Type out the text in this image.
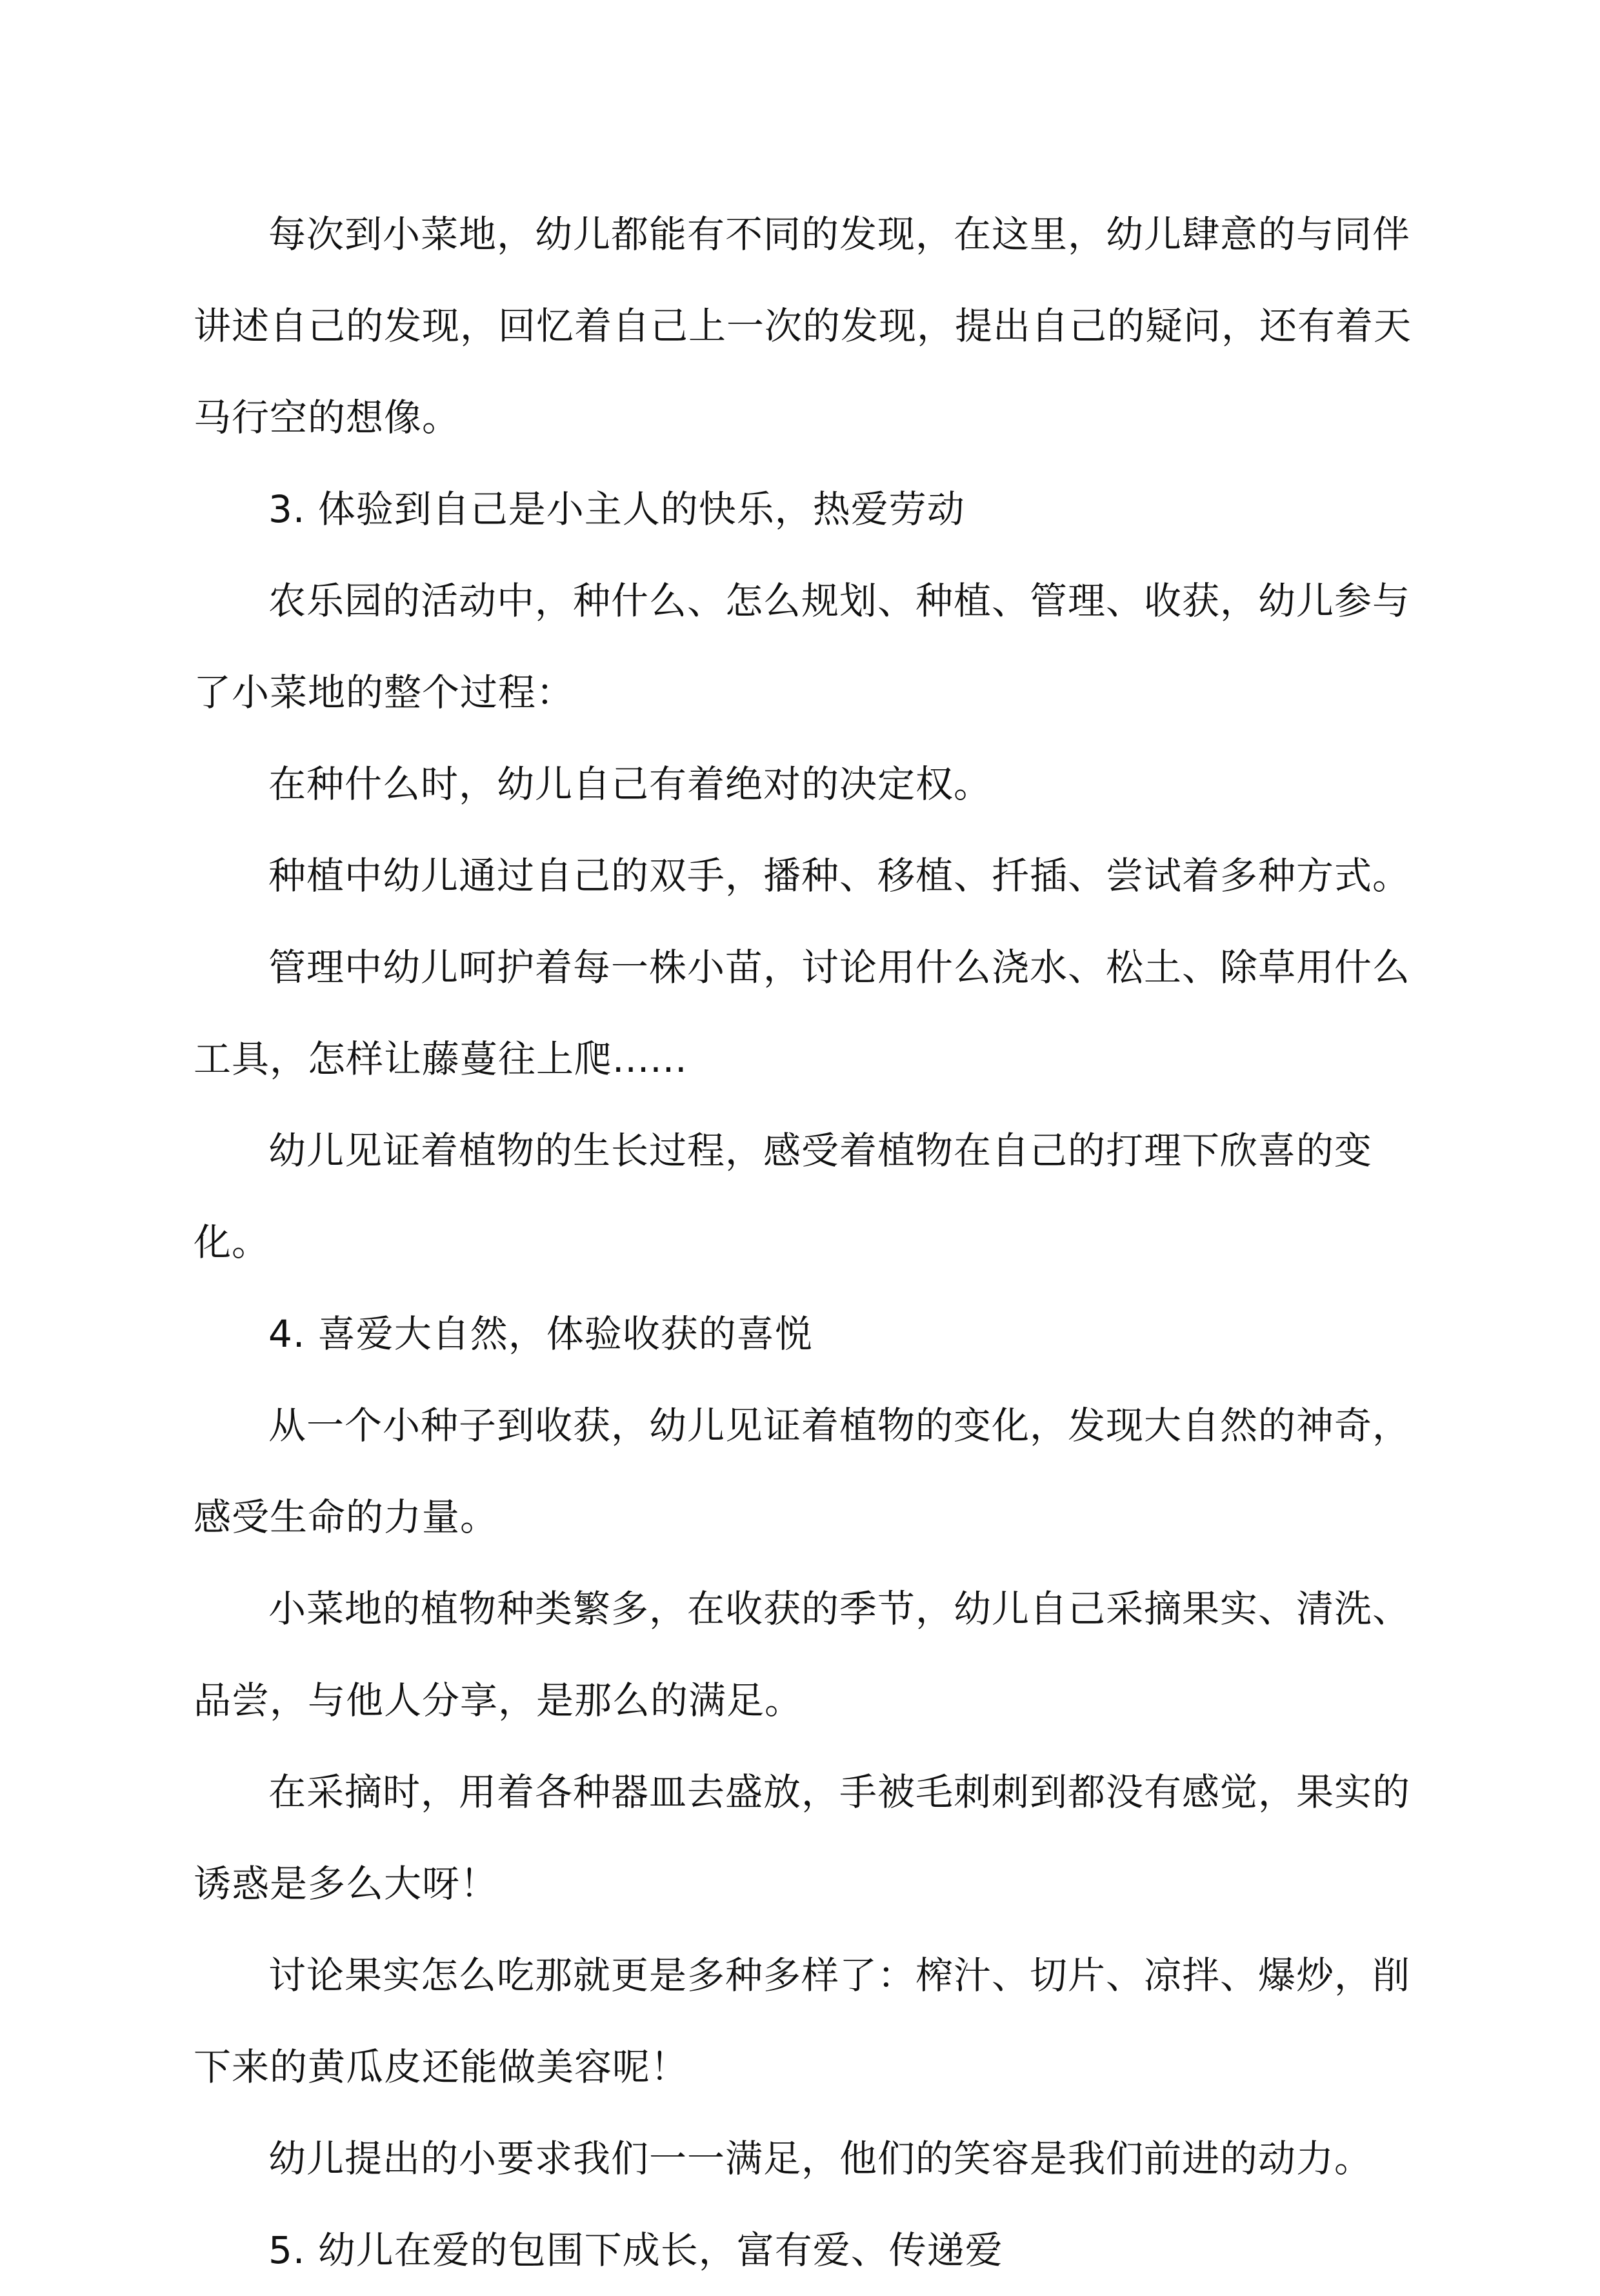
每次到小菜地，幼儿都能有不同的发现，在这里，幼儿肆意的与同伴讲述自己的发现，回忆着自己上一次的发现，提出自己的疑问，还有着天马行空的想像。

3. 体验到自己是小主人的快乐，热爱劳动

农乐园的活动中，种什么、怎么规划、种植、管理、收获，幼儿参与了小菜地的整个过程：

在种什么时，幼儿自己有着绝对的决定权。

种植中幼儿通过自己的双手，播种、移植、扦插、尝试着多种方式。

管理中幼儿呵护着每一株小苗，讨论用什么浇水、松土、除草用什么工具，怎样让藤蔓往上爬......

幼儿见证着植物的生长过程，感受着植物在自己的打理下欣喜的变化。

4. 喜爱大自然，体验收获的喜悦

从一个小种子到收获，幼儿见证着植物的变化，发现大自然的神奇，感受生命的力量。

小菜地的植物种类繁多，在收获的季节，幼儿自己采摘果实、清洗、品尝，与他人分享，是那么的满足。

在采摘时，用着各种器皿去盛放，手被毛刺刺到都没有感觉，果实的诱惑是多么大呀！

讨论果实怎么吃那就更是多种多样了：榨汁、切片、凉拌、爆炒，削下来的黄瓜皮还能做美容呢！

幼儿提出的小要求我们一一满足，他们的笑容是我们前进的动力。

5. 幼儿在爱的包围下成长，富有爱、传递爱
